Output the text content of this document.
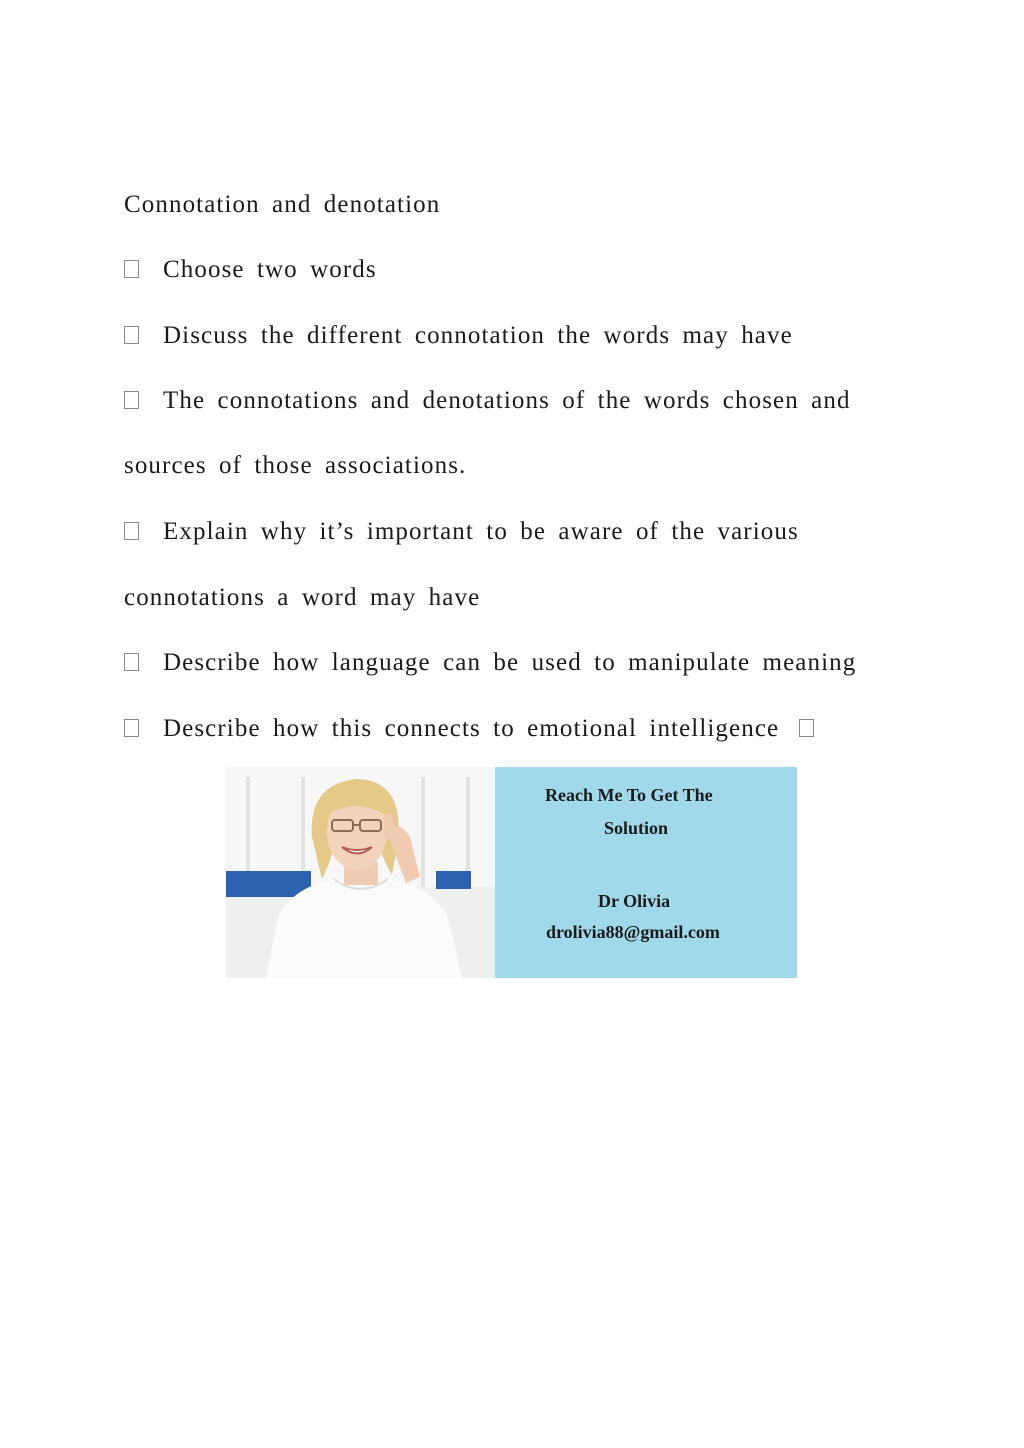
Connotation and denotation
Choose two words
Discuss the different connotation the words may have
The connotations and denotations of the words chosen and
sources of those associations.
Explain why it’s important to be aware of the various
connotations a word may have
Describe how language can be used to manipulate meaning
Describe how this connects to emotional intelligence
Reach Me To Get The
Solution
Dr Olivia
drolivia88@gmail.com
